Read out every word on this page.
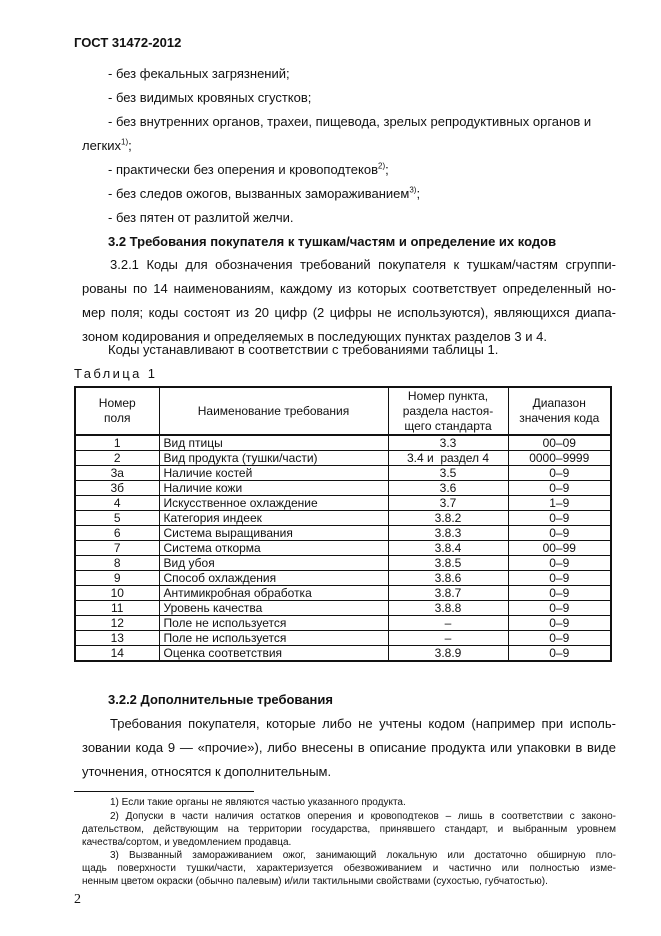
ГОСТ 31472-2012
- без фекальных загрязнений;
- без видимых кровяных сгустков;
- без внутренних органов, трахеи, пищевода, зрелых репродуктивных органов и
легких$^{1)}$;
- практически без оперения и кровоподтеков$^{2)}$;
- без следов ожогов, вызванных замораживанием$^{3)}$;
- без пятен от разлитой желчи.
3.2 Требования покупателя к тушкам/частям и определение их кодов
3.2.1 Коды для обозначения требований покупателя к тушкам/частям сгруппи-
рованы по 14 наименованиям, каждому из которых соответствует определенный но-
мер поля; коды состоят из 20 цифр (2 цифры не используются), являющихся диапа-
зоном кодирования и определяемых в последующих пунктах разделов 3 и 4.
Коды устанавливают в соответствии с требованиями таблицы 1.
Таблица 1
Номер
поля	Наименование требования	Номер пункта,
раздела настоя-
щего стандарта	Диапазон
значения кода
1	Вид птицы	3.3	00–09
2	Вид продукта (тушки/части)	3.4 и  раздел 4	0000–9999
3а	Наличие костей	3.5	0–9
3б	Наличие кожи	3.6	0–9
4	Искусственное охлаждение	3.7	1–9
5	Категория индеек	3.8.2	0–9
6	Система выращивания	3.8.3	0–9
7	Система откорма	3.8.4	00–99
8	Вид убоя	3.8.5	0–9
9	Способ охлаждения	3.8.6	0–9
10	Антимикробная обработка	3.8.7	0–9
11	Уровень качества	3.8.8	0–9
12	Поле не используется	–	0–9
13	Поле не используется	–	0–9
14	Оценка соответствия	3.8.9	0–9
3.2.2 Дополнительные требования
Требования покупателя, которые либо не учтены кодом (например при исполь-
зовании кода 9 — «прочие»), либо внесены в описание продукта или упаковки в виде
уточнения, относятся к дополнительным.
1) Если такие органы не являются частью указанного продукта.
2) Допуски в части наличия остатков оперения и кровоподтеков – лишь в соответствии с законо-
дательством, действующим на территории государства, принявшего стандарт, и выбранным уровнем
качества/сортом, и уведомлением продавца.
3) Вызванный замораживанием ожог, занимающий локальную или достаточно обширную пло-
щадь поверхности тушки/части, характеризуется обезвоживанием и частично или полностью изме-
ненным цветом окраски (обычно палевым) и/или тактильными свойствами (сухостью, губчатостью).
2
